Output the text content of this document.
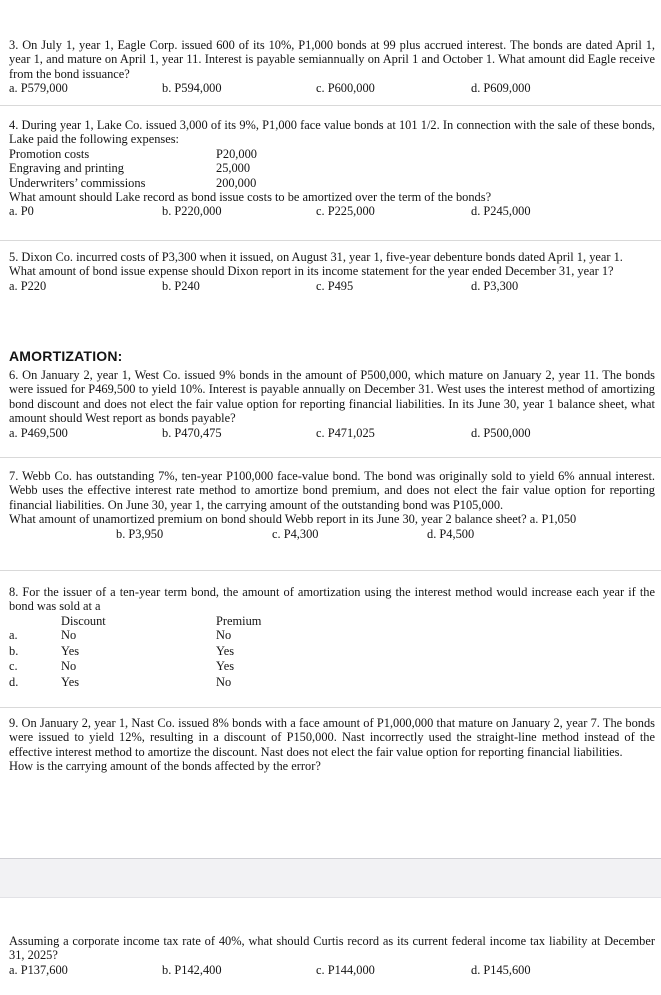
3. On July 1, year 1, Eagle Corp. issued 600 of its 10%, P1,000 bonds at 99 plus accrued interest. The bonds are dated April 1, year 1, and mature on April 1, year 11. Interest is payable semiannually on April 1 and October 1. What amount did Eagle receive from the bond issuance?

a. P579,000	b. P594,000	c. P600,000	d. P609,000

4. During year 1, Lake Co. issued 3,000 of its 9%, P1,000 face value bonds at 101 1/2. In connection with the sale of these bonds, Lake paid the following expenses:

Promotion costs	P20,000
Engraving and printing	25,000
Underwriters’ commissions	200,000

What amount should Lake record as bond issue costs to be amortized over the term of the bonds?

a. P0	b. P220,000	c. P225,000	d. P245,000

5. Dixon Co. incurred costs of P3,300 when it issued, on August 31, year 1, five-year debenture bonds dated April 1, year 1.

What amount of bond issue expense should Dixon report in its income statement for the year ended December 31, year 1?

a. P220	b. P240	c. P495	d. P3,300
AMORTIZATION:

6. On January 2, year 1, West Co. issued 9% bonds in the amount of P500,000, which mature on January 2, year 11. The bonds were issued for P469,500 to yield 10%. Interest is payable annually on December 31. West uses the interest method of amortizing bond discount and does not elect the fair value option for reporting financial liabilities. In its June 30, year 1 balance sheet, what amount should West report as bonds payable?

a. P469,500	b. P470,475	c. P471,025	d. P500,000

7. Webb Co. has outstanding 7%, ten-year P100,000 face-value bond. The bond was originally sold to yield 6% annual interest. Webb uses the effective interest rate method to amortize bond premium, and does not elect the fair value option for reporting financial liabilities. On June 30, year 1, the carrying amount of the outstanding bond was P105,000.

What amount of unamortized premium on bond should Webb report in its June 30, year 2 balance sheet? a. P1,050

b. P3,950	c. P4,300	d. P4,500

8. For the issuer of a ten-year term bond, the amount of amortization using the interest method would increase each year if the bond was sold at a

Discount	Premium
a.	No	No
b.	Yes	Yes
c.	No	Yes
d.	Yes	No

9. On January 2, year 1, Nast Co. issued 8% bonds with a face amount of P1,000,000 that mature on January 2, year 7. The bonds were issued to yield 12%, resulting in a discount of P150,000. Nast incorrectly used the straight-line method instead of the effective interest method to amortize the discount. Nast does not elect the fair value option for reporting financial liabilities.

How is the carrying amount of the bonds affected by the error?

Assuming a corporate income tax rate of 40%, what should Curtis record as its current federal income tax liability at December 31, 2025?

a. P137,600	b. P142,400	c. P144,000	d. P145,600
